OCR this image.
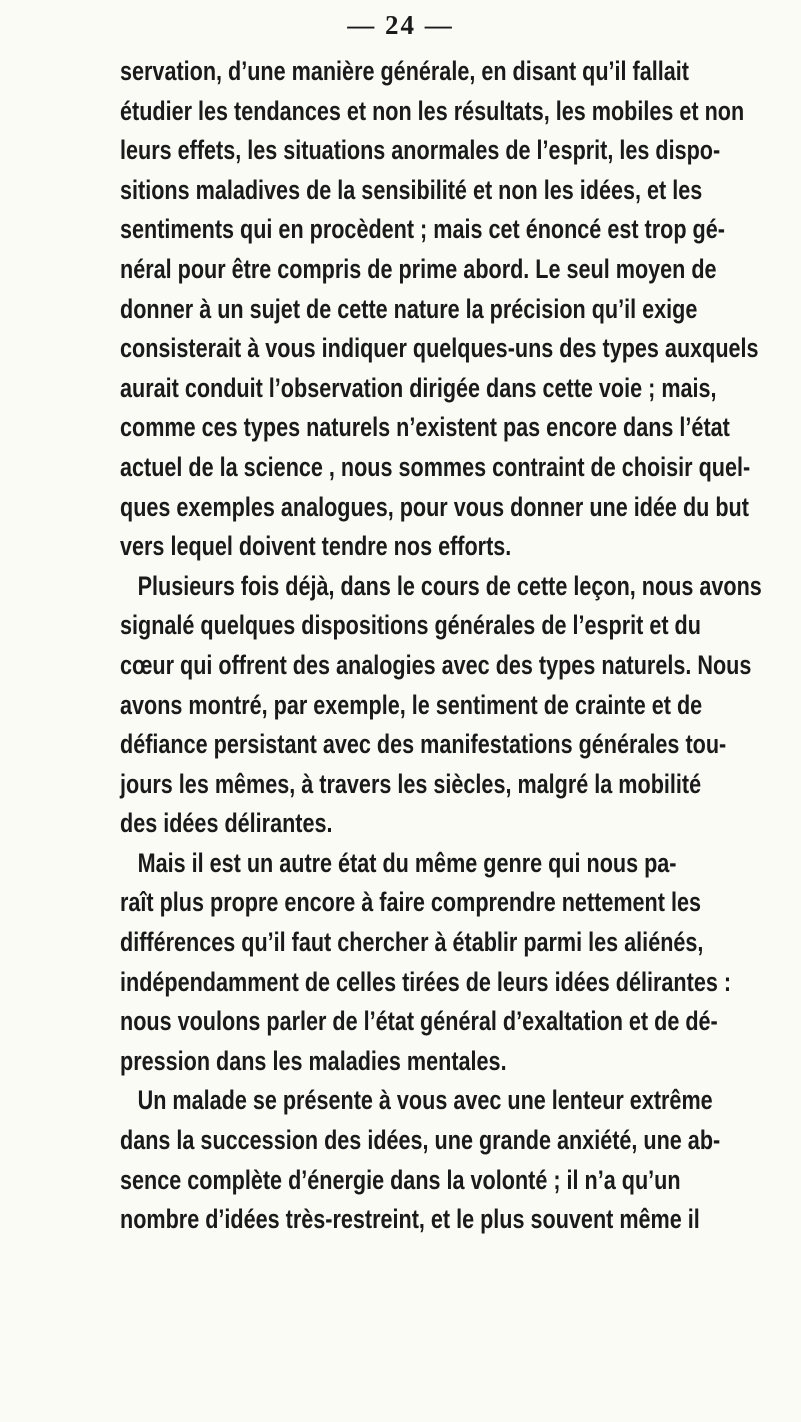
— 24 —
servation, d’une manière générale, en disant qu’il fallait
étudier les tendances et non les résultats, les mobiles et non
leurs effets, les situations anormales de l’esprit, les dispo-
sitions maladives de la sensibilité et non les idées, et les
sentiments qui en procèdent ; mais cet énoncé est trop gé-
néral pour être compris de prime abord. Le seul moyen de
donner à un sujet de cette nature la précision qu’il exige
consisterait à vous indiquer quelques-uns des types auxquels
aurait conduit l’observation dirigée dans cette voie ; mais,
comme ces types naturels n’existent pas encore dans l’état
actuel de la science , nous sommes contraint de choisir quel-
ques exemples analogues, pour vous donner une idée du but
vers lequel doivent tendre nos efforts.
Plusieurs fois déjà, dans le cours de cette leçon, nous avons
signalé quelques dispositions générales de l’esprit et du
cœur qui offrent des analogies avec des types naturels. Nous
avons montré, par exemple, le sentiment de crainte et de
défiance persistant avec des manifestations générales tou-
jours les mêmes, à travers les siècles, malgré la mobilité
des idées délirantes.
Mais il est un autre état du même genre qui nous pa-
raît plus propre encore à faire comprendre nettement les
différences qu’il faut chercher à établir parmi les aliénés,
indépendamment de celles tirées de leurs idées délirantes :
nous voulons parler de l’état général d’exaltation et de dé-
pression dans les maladies mentales.
Un malade se présente à vous avec une lenteur extrême
dans la succession des idées, une grande anxiété, une ab-
sence complète d’énergie dans la volonté ; il n’a qu’un
nombre d’idées très-restreint, et le plus souvent même il
